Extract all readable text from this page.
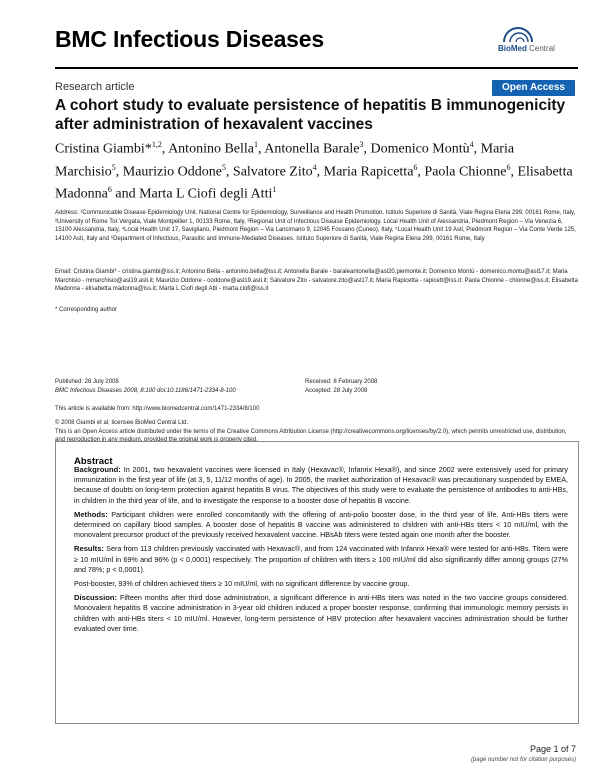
BMC Infectious Diseases	BioMed Central
Research article	Open Access
A cohort study to evaluate persistence of hepatitis B immunogenicity after administration of hexavalent vaccines
Cristina Giambi*$^{1,2}$, Antonino Bella$^1$, Antonella Barale$^3$, Domenico Montù$^4$, Maria Marchisio$^5$, Maurizio Oddone$^5$, Salvatore Zito$^4$, Maria Rapicetta$^6$, Paola Chionne$^6$, Elisabetta Madonna$^6$ and Marta L Ciofi degli Atti$^1$
Address: ¹Communicable Disease Epidemiology Unit. National Centre for Epidemiology, Surveillance and Health Promotion. Istituto Superiore di Sanità, Viale Regina Elena 299, 00161 Rome, Italy, ²University of Rome Tor Vergata, Viale Montpellier 1, 00133 Rome, Italy, ³Regional Unit of Infectious Disease Epidemiology. Local Health Unit of Alessandria, Piedmont Region – Via Venezia 6, 15100 Alessandria, Italy, ⁴Local Health Unit 17, Savigliano, Piedmont Region – Via Lancimano 9, 12045 Fossano (Cuneo), Italy, ⁵Local Health Unit 19 Asti, Piedmont Region – Via Conte Verde 125, 14100 Asti, Italy and ⁶Department of Infectious, Parasitic and Immune-Mediated Diseases. Istituto Superiore di Sanità, Viale Regina Elena 299, 00161 Rome, Italy
Email: Cristina Giambi* - cristina.giambi@iss.it; Antonino Bella - antonino.bella@iss.it; Antonella Barale - baraleantonella@asl20.piemonte.it; Domenico Montù - domenico.montu@asl17.it; Maria Marchisio - mmarchisio@asl19.asti.it; Maurizio Oddone - ooddone@asl19.asti.it; Salvatore Zito - salvatore.zito@asl17.it; Maria Rapicetta - rapicett@iss.it; Paola Chionne - chionne@iss.it; Elisabetta Madonna - elisabetta.madonna@iss.it; Marta L Ciofi degli Atti - marta.ciofi@iss.it
* Corresponding author
Published: 28 July 2008
BMC Infectious Diseases 2008, 8:100 doi:10.1186/1471-2334-8-100
Received: 8 February 2008
Accepted: 28 July 2008
This article is available from: http://www.biomedcentral.com/1471-2334/8/100
© 2008 Giambi et al; licensee BioMed Central Ltd.
This is an Open Access article distributed under the terms of the Creative Commons Attribution License (http://creativecommons.org/licenses/by/2.0), which permits unrestricted use, distribution,
Abstract

Background: In 2001, two hexavalent vaccines were licensed in Italy (Hexavac®, Infanrix Hexa®), and since 2002 were extensively used for primary immunization in the first year of life (at 3, 5, 11/12 months of age). In 2005, the market authorization of Hexavac® was precautionary suspended by EMEA, because of doubts on long-term protection against hepatitis B virus. The objectives of this study were to evaluate the persistence of antibodies to anti-HBs, in children in the third year of life, and to investigate the response to a booster dose of hepatitis B vaccine.

Methods: Participant children were enrolled concomitantly with the offering of anti-polio booster dose, in the third year of life. Anti-HBs titers were determined on capillary blood samples. A booster dose of hepatitis B vaccine was administered to children with anti-HBs titers < 10 mIU/ml, with the monovalent precursor product of the previously received hexavalent vaccine. HBsAb titers were tested again one month after the booster.

Results: Sera from 113 children previously vaccinated with Hexavac®, and from 124 vaccinated with Infanrix Hexa® were tested for anti-HBs. Titers were ≥ 10 mIU/ml in 69% and 96% (p < 0,0001) respectively. The proportion of children with titers ≥ 100 mIU/ml did also significantly differ among groups (27% and 78%; p < 0,0001).

Post-booster, 93% of children achieved titers ≥ 10 mIU/ml, with no significant difference by vaccine group.

Discussion: Fifteen months after third dose administration, a significant difference in anti-HBs titers was noted in the two vaccine groups considered. Monovalent hepatitis B vaccine administration in 3-year old children induced a proper booster response, confirming that immunologic memory persists in children with anti-HBs titers < 10 mIU/ml. However, long-term persistence of HBV protection after hexavalent vaccines administration should be further evaluated over time.

Page 1 of 7
(page number not for citation purposes)
